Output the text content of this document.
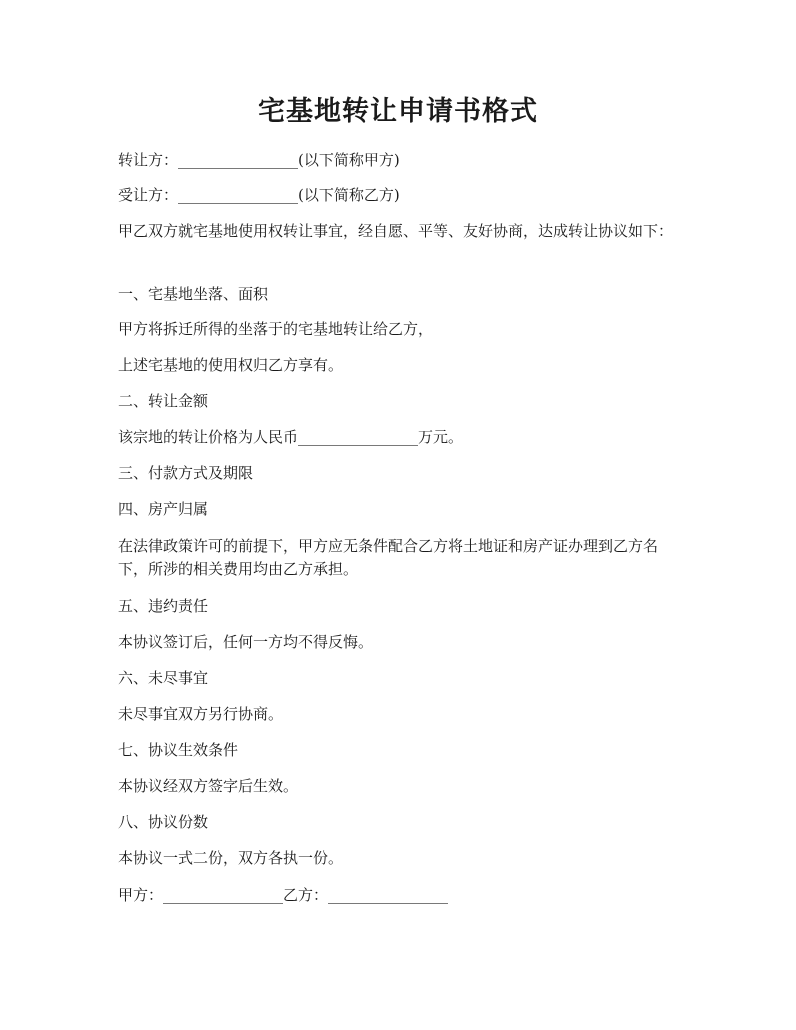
宅基地转让申请书格式
转让方：________________(以下简称甲方)
受让方：________________(以下简称乙方)
甲乙双方就宅基地使用权转让事宜，经自愿、平等、友好协商，达成转让协议如下：
一、宅基地坐落、面积
甲方将拆迁所得的坐落于的宅基地转让给乙方，
上述宅基地的使用权归乙方享有。
二、转让金额
该宗地的转让价格为人民币________________万元。
三、付款方式及期限
四、房产归属
在法律政策许可的前提下，甲方应无条件配合乙方将土地证和房产证办理到乙方名下，所涉的相关费用均由乙方承担。
五、违约责任
本协议签订后，任何一方均不得反悔。
六、未尽事宜
未尽事宜双方另行协商。
七、协议生效条件
本协议经双方签字后生效。
八、协议份数
本协议一式二份，双方各执一份。
甲方：________________乙方：________________
